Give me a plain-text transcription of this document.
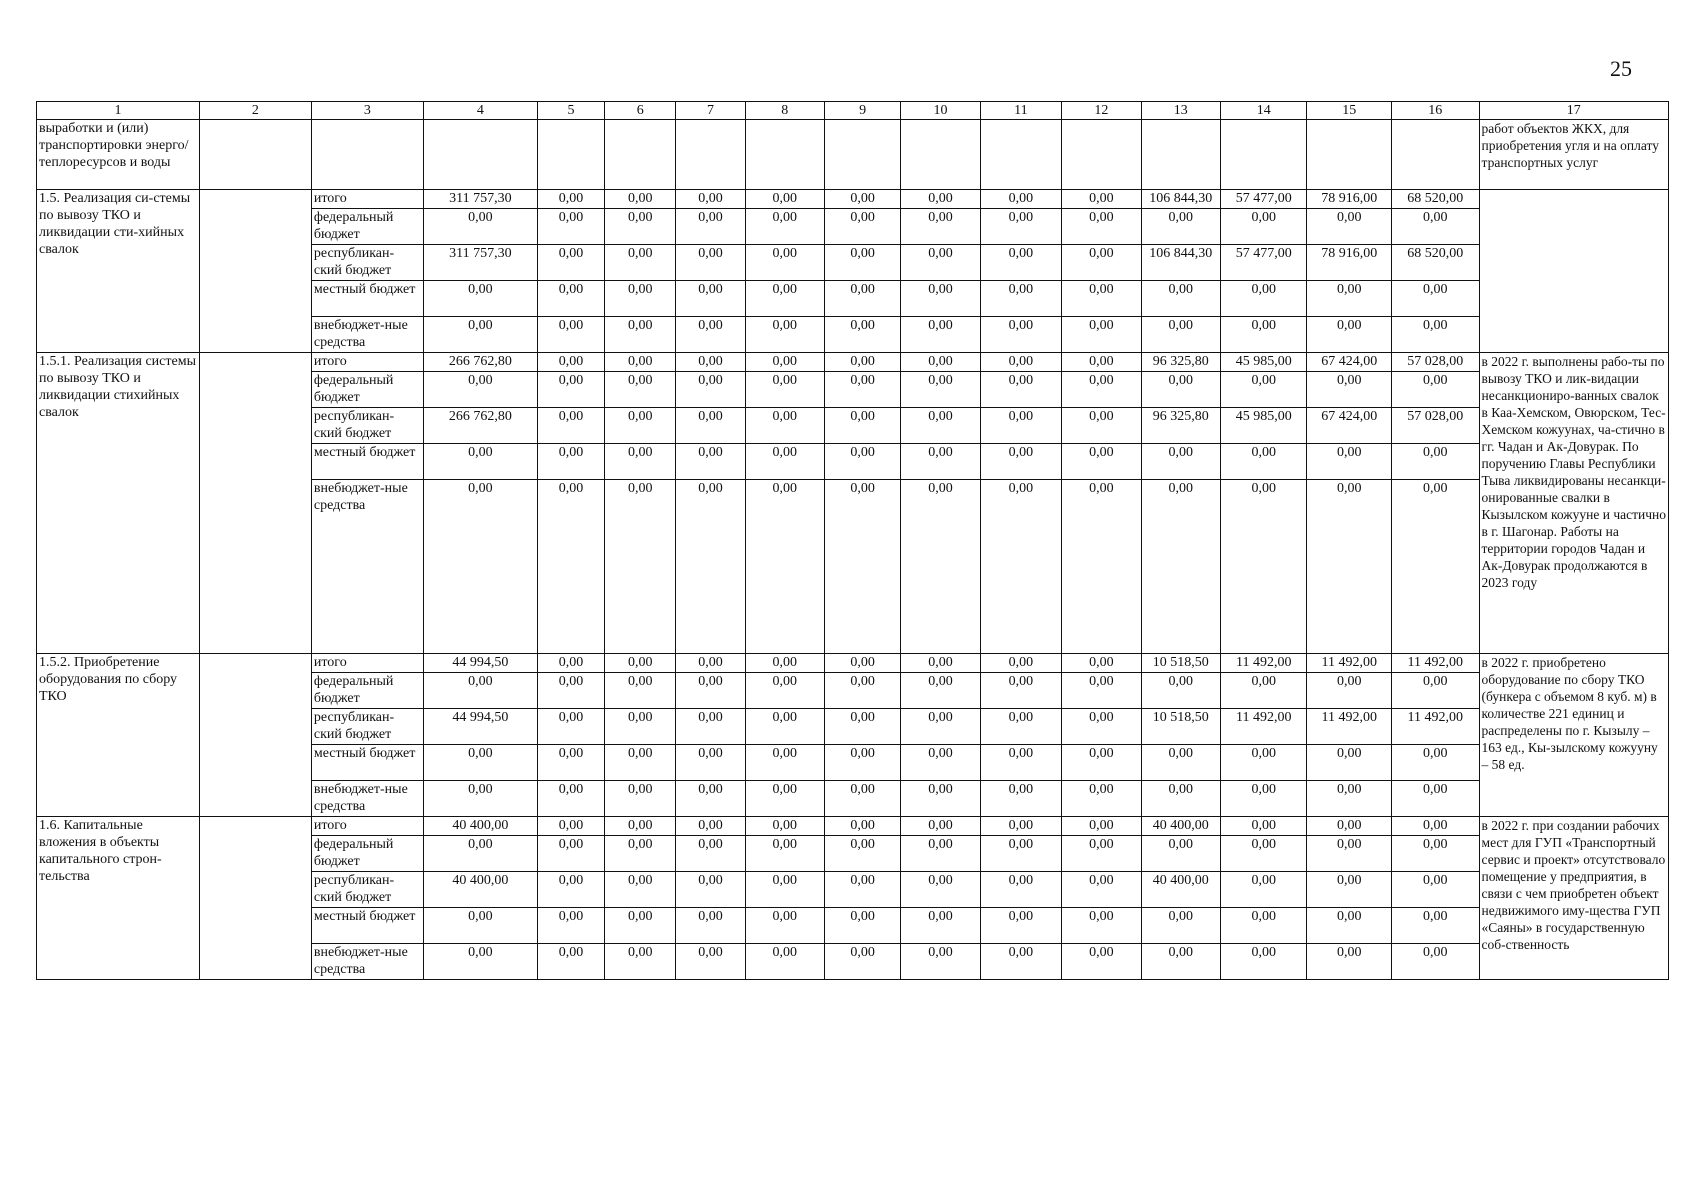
25
1	2	3	4	5	6	7	8	9	10	11	12	13	14	15	16	17
выработки и (или) транспортировки энерго/теплоресурсов и воды																работ объектов ЖКХ, для приобретения угля и на оплату транспортных услуг
1.5. Реализация си-стемы по вывозу ТКО и ликвидации сти-хийных свалок		итого	311 757,30	0,00	0,00	0,00	0,00	0,00	0,00	0,00	0,00	106 844,30	57 477,00	78 916,00	68 520,00	
		федеральный бюджет	0,00	0,00	0,00	0,00	0,00	0,00	0,00	0,00	0,00	0,00	0,00	0,00	0,00	
		республикан-ский бюджет	311 757,30	0,00	0,00	0,00	0,00	0,00	0,00	0,00	0,00	106 844,30	57 477,00	78 916,00	68 520,00	
		местный бюджет	0,00	0,00	0,00	0,00	0,00	0,00	0,00	0,00	0,00	0,00	0,00	0,00	0,00	
		внебюджет-ные средства	0,00	0,00	0,00	0,00	0,00	0,00	0,00	0,00	0,00	0,00	0,00	0,00	0,00	
1.5.1. Реализация системы по вывозу ТКО и ликвидации стихийных свалок		итого	266 762,80	0,00	0,00	0,00	0,00	0,00	0,00	0,00	0,00	96 325,80	45 985,00	67 424,00	57 028,00	в 2022 г. выполнены рабо-ты по вывозу ТКО и лик-видации несанкциониро-ванных свалок в Каа-Хемском, Овюрском, Тес-Хемском кожуунах, ча-стично в гг. Чадан и Ак-Довурак. По поручению Главы Республики Тыва ликвидированы несанкци-онированные свалки в Кызылском кожууне и частично в г. Шагонар. Работы на территории городов Чадан и Ак-Довурак продолжаются в 2023 году
		федеральный бюджет	0,00	0,00	0,00	0,00	0,00	0,00	0,00	0,00	0,00	0,00	0,00	0,00	0,00	
		республикан-ский бюджет	266 762,80	0,00	0,00	0,00	0,00	0,00	0,00	0,00	0,00	96 325,80	45 985,00	67 424,00	57 028,00	
		местный бюджет	0,00	0,00	0,00	0,00	0,00	0,00	0,00	0,00	0,00	0,00	0,00	0,00	0,00	
		внебюджет-ные средства	0,00	0,00	0,00	0,00	0,00	0,00	0,00	0,00	0,00	0,00	0,00	0,00	0,00	
1.5.2. Приобретение оборудования по сбору ТКО		итого	44 994,50	0,00	0,00	0,00	0,00	0,00	0,00	0,00	0,00	10 518,50	11 492,00	11 492,00	11 492,00	в 2022 г. приобретено оборудование по сбору ТКО (бункера с объемом 8 куб. м) в количестве 221 единиц и распределены по г. Кызылу – 163 ед., Кы-зылскому кожууну – 58 ед.
		федеральный бюджет	0,00	0,00	0,00	0,00	0,00	0,00	0,00	0,00	0,00	0,00	0,00	0,00	0,00	
		республикан-ский бюджет	44 994,50	0,00	0,00	0,00	0,00	0,00	0,00	0,00	0,00	10 518,50	11 492,00	11 492,00	11 492,00	
		местный бюджет	0,00	0,00	0,00	0,00	0,00	0,00	0,00	0,00	0,00	0,00	0,00	0,00	0,00	
		внебюджет-ные средства	0,00	0,00	0,00	0,00	0,00	0,00	0,00	0,00	0,00	0,00	0,00	0,00	0,00	
1.6. Капитальные вложения в объекты капитального строн-тельства		итого	40 400,00	0,00	0,00	0,00	0,00	0,00	0,00	0,00	0,00	40 400,00	0,00	0,00	0,00	в 2022 г. при создании рабочих мест для ГУП «Транспортный сервис и проект» отсутствовало помещение у предприятия, в связи с чем приобретен объект недвижимого иму-щества ГУП «Саяны» в государственную соб-ственность
		федеральный бюджет	0,00	0,00	0,00	0,00	0,00	0,00	0,00	0,00	0,00	0,00	0,00	0,00	0,00	
		республикан-ский бюджет	40 400,00	0,00	0,00	0,00	0,00	0,00	0,00	0,00	0,00	40 400,00	0,00	0,00	0,00	
		местный бюджет	0,00	0,00	0,00	0,00	0,00	0,00	0,00	0,00	0,00	0,00	0,00	0,00	0,00	
		внебюджет-ные средства	0,00	0,00	0,00	0,00	0,00	0,00	0,00	0,00	0,00	0,00	0,00	0,00	0,00	
